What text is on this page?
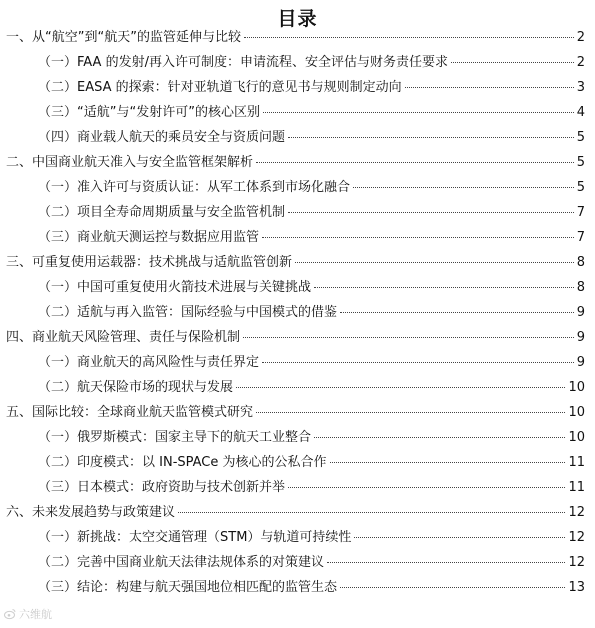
目录
一、从“航空”到“航天”的监管延伸与比较	2
（一）FAA 的发射/再入许可制度：申请流程、安全评估与财务责任要求	2
（二）EASA 的探索：针对亚轨道飞行的意见书与规则制定动向	3
（三）“适航”与“发射许可”的核心区别	4
（四）商业载人航天的乘员安全与资质问题	5
二、中国商业航天准入与安全监管框架解析	5
（一）准入许可与资质认证：从军工体系到市场化融合	5
（二）项目全寿命周期质量与安全监管机制	7
（三）商业航天测运控与数据应用监管	7
三、可重复使用运载器：技术挑战与适航监管创新	8
（一）中国可重复使用火箭技术进展与关键挑战	8
（二）适航与再入监管：国际经验与中国模式的借鉴	9
四、商业航天风险管理、责任与保险机制	9
（一）商业航天的高风险性与责任界定	9
（二）航天保险市场的现状与发展	10
五、国际比较：全球商业航天监管模式研究	10
（一）俄罗斯模式：国家主导下的航天工业整合	10
（二）印度模式：以 IN-SPACe 为核心的公私合作	11
（三）日本模式：政府资助与技术创新并举	11
六、未来发展趋势与政策建议	12
（一）新挑战：太空交通管理（STM）与轨道可持续性	12
（二）完善中国商业航天法律法规体系的对策建议	12
（三）结论：构建与航天强国地位相匹配的监管生态	13
六维航
